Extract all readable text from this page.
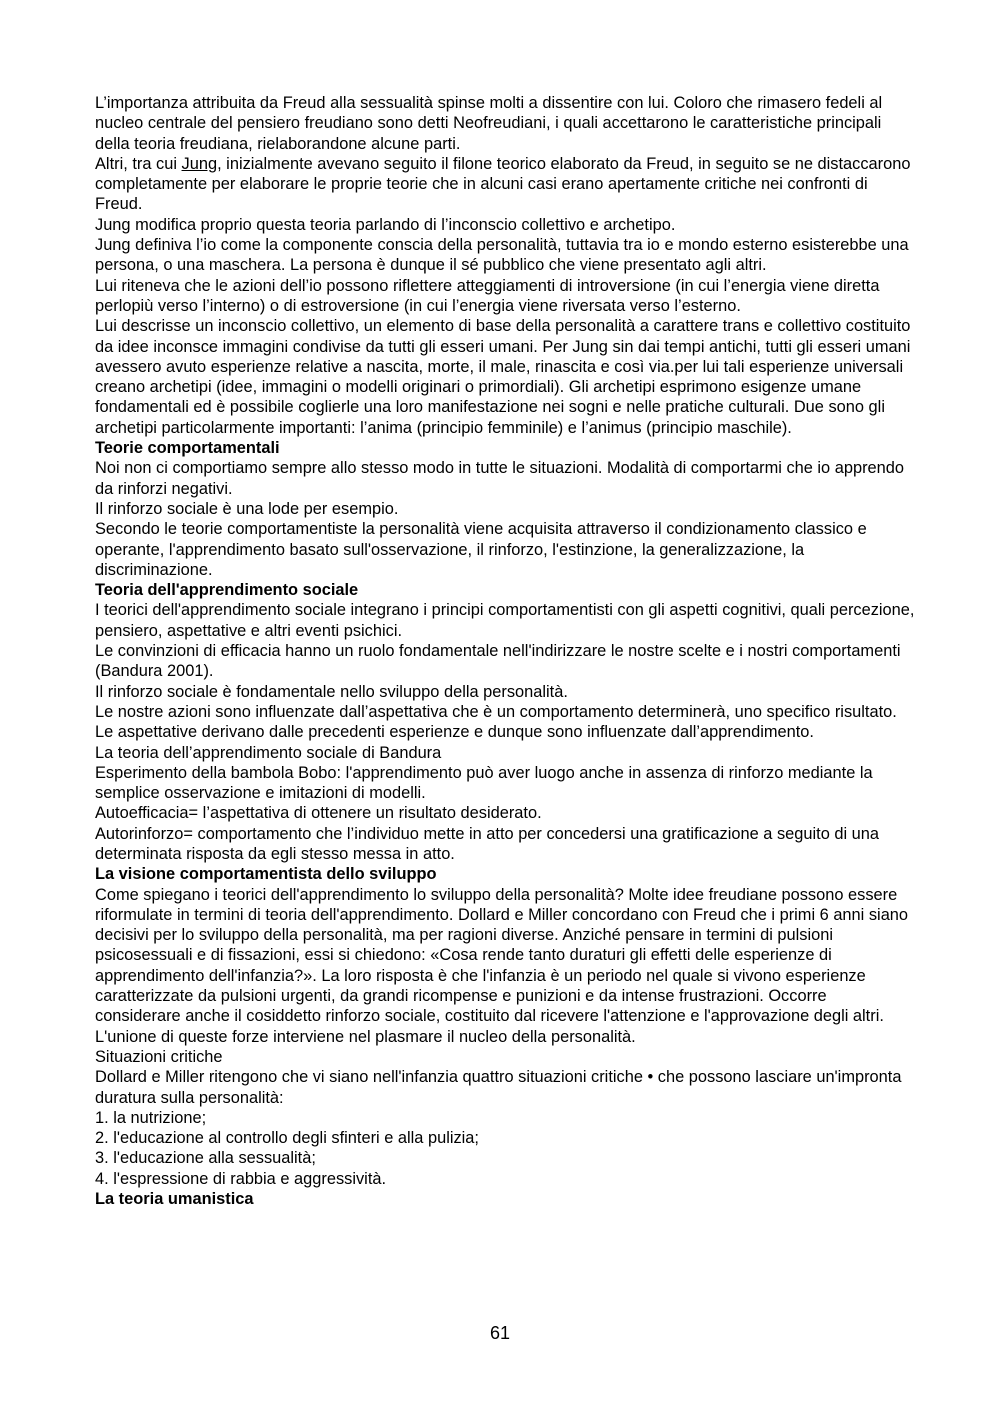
L’importanza attribuita da Freud alla sessualità spinse molti a dissentire con lui. Coloro che rimasero fedeli al nucleo centrale del pensiero freudiano sono detti Neofreudiani, i quali accettarono le caratteristiche principali della teoria freudiana, rielaborandone alcune parti.

Altri, tra cui Jung, inizialmente avevano seguito il filone teorico elaborato da Freud, in seguito se ne distaccarono completamente per elaborare le proprie teorie che in alcuni casi erano apertamente critiche nei confronti di Freud.

Jung modifica proprio questa teoria parlando di l’inconscio collettivo e archetipo.

Jung definiva l’io come la componente conscia della personalità, tuttavia tra io e mondo esterno esisterebbe una persona, o una maschera. La persona è dunque il sé pubblico che viene presentato agli altri.

Lui riteneva che le azioni dell’io possono riflettere atteggiamenti di introversione (in cui l’energia viene diretta perlopiù verso l’interno) o di estroversione (in cui l’energia viene riversata verso l’esterno.

Lui descrisse un inconscio collettivo, un elemento di base della personalità a carattere trans e collettivo costituito da idee inconsce immagini condivise da tutti gli esseri umani. Per Jung sin dai tempi antichi, tutti gli esseri umani avessero avuto esperienze relative a nascita, morte, il male, rinascita e così via.per lui tali esperienze universali creano archetipi (idee, immagini o modelli originari o primordiali). Gli archetipi esprimono esigenze umane fondamentali ed è possibile coglierle una loro manifestazione nei sogni e nelle pratiche culturali. Due sono gli archetipi particolarmente importanti: l’anima (principio femminile) e l’animus (principio maschile).

Teorie comportamentali

Noi non ci comportiamo sempre allo stesso modo in tutte le situazioni. Modalità di comportarmi che io apprendo da rinforzi negativi.

Il rinforzo sociale è una lode per esempio.

Secondo le teorie comportamentiste la personalità viene acquisita attraverso il condizionamento classico e operante, l'apprendimento basato sull'osservazione, il rinforzo, l'estinzione, la generalizzazione, la discriminazione.

Teoria dell'apprendimento sociale

I teorici dell'apprendimento sociale integrano i principi comportamentisti con gli aspetti cognitivi, quali percezione, pensiero, aspettative e altri eventi psichici.

Le convinzioni di efficacia hanno un ruolo fondamentale nell'indirizzare le nostre scelte e i nostri comportamenti (Bandura 2001).

Il rinforzo sociale è fondamentale nello sviluppo della personalità.

Le nostre azioni sono influenzate dall’aspettativa che è un comportamento determinerà, uno specifico risultato. Le aspettative derivano dalle precedenti esperienze e dunque sono influenzate dall’apprendimento.

La teoria dell’apprendimento sociale di Bandura

Esperimento della bambola Bobo: l'apprendimento può aver luogo anche in assenza di rinforzo mediante la semplice osservazione e imitazioni di modelli.

Autoefficacia= l’aspettativa di ottenere un risultato desiderato.

Autorinforzo= comportamento che l’individuo mette in atto per concedersi una gratificazione a seguito di una determinata risposta da egli stesso messa in atto.

La visione comportamentista dello sviluppo

Come spiegano i teorici dell'apprendimento lo sviluppo della personalità? Molte idee freudiane possono essere riformulate in termini di teoria dell'apprendimento. Dollard e Miller concordano con Freud che i primi 6 anni siano decisivi per lo sviluppo della personalità, ma per ragioni diverse. Anziché pensare in termini di pulsioni psicosessuali e di fissazioni, essi si chiedono: «Cosa rende tanto duraturi gli effetti delle esperienze di apprendimento dell'infanzia?». La loro risposta è che l'infanzia è un periodo nel quale si vivono esperienze caratterizzate da pulsioni urgenti, da grandi ricompense e punizioni e da intense frustrazioni. Occorre considerare anche il cosiddetto rinforzo sociale, costituito dal ricevere l'attenzione e l'approvazione degli altri. L'unione di queste forze interviene nel plasmare il nucleo della personalità.

Situazioni critiche

Dollard e Miller ritengono che vi siano nell'infanzia quattro situazioni critiche • che possono lasciare un'impronta duratura sulla personalità:

1. la nutrizione;

2. l'educazione al controllo degli sfinteri e alla pulizia;

3. l'educazione alla sessualità;

4. l'espressione di rabbia e aggressività.

La teoria umanistica
61
